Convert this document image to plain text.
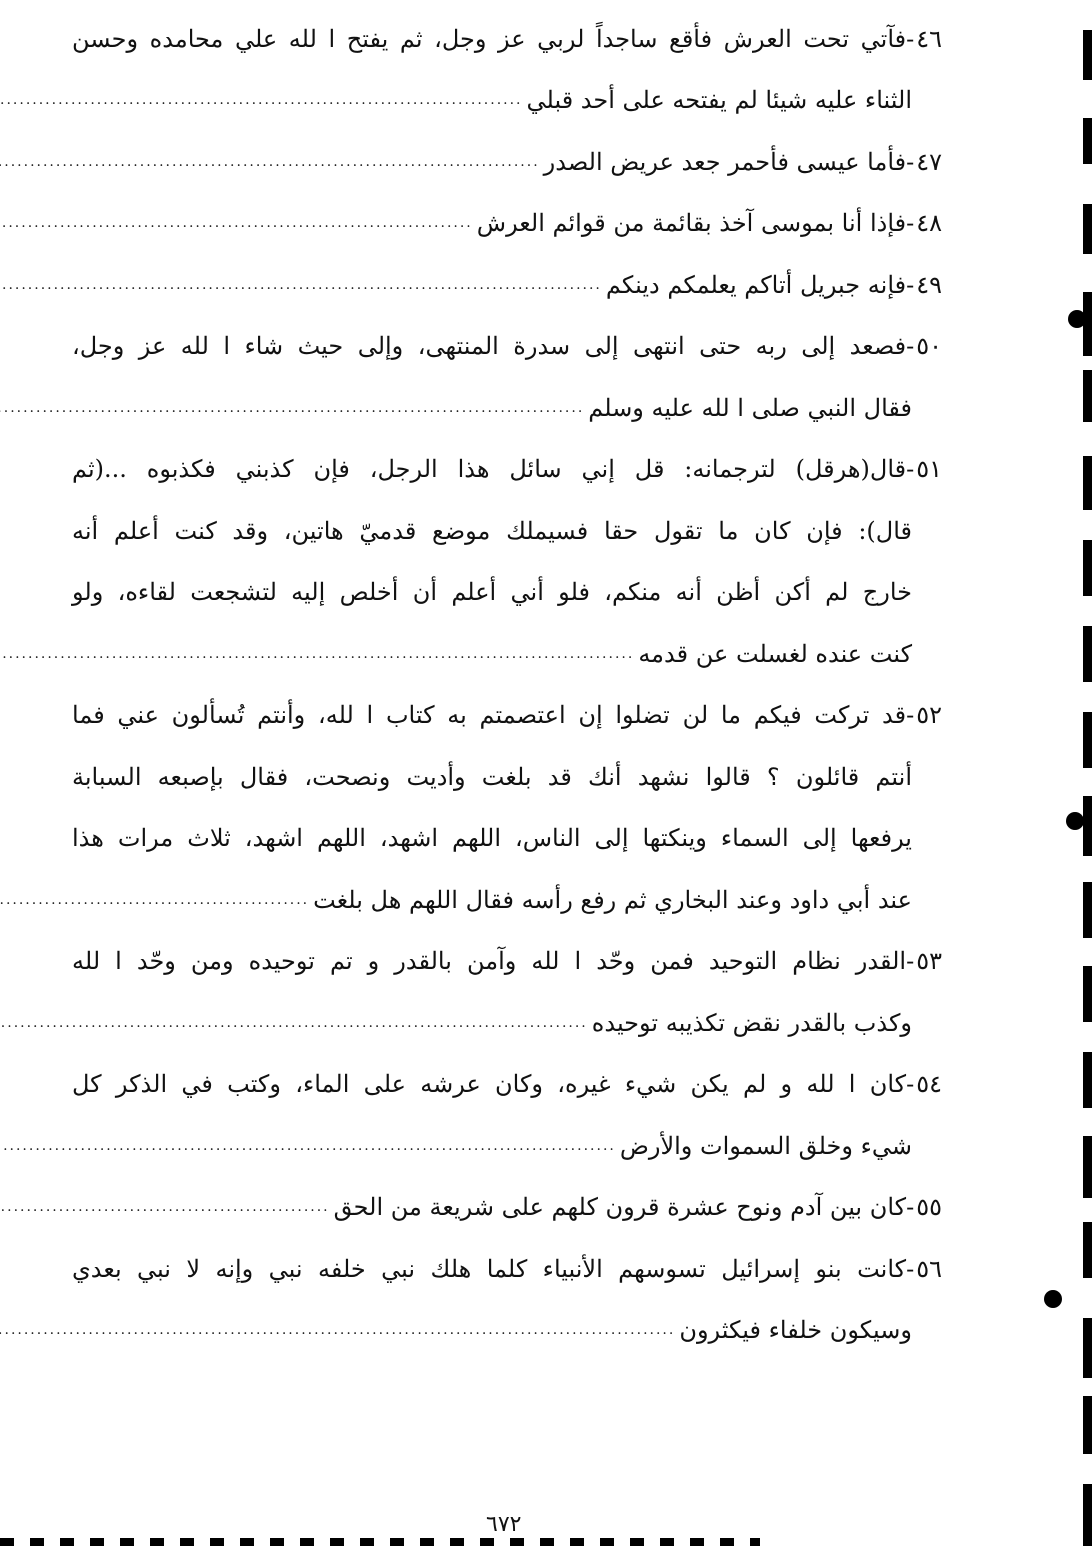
٤٦
-فآتي تحت العرش فأقع ساجداً لربي عز وجل، ثم يفتح ا لله علي محامده وحسن
الثناء عليه شيئا لم يفتحه على أحد قبلي
.....
٤٧
-فأما عيسى فأحمر جعد عريض الصدر
.....
٤٨
-فإذا أنا بموسى آخذ بقائمة من قوائم العرش
.....
٤٩
-فإنه جبريل أتاكم يعلمكم دينكم
.....
٥٠
-فصعد إلى ربه حتى انتهى إلى سدرة المنتهى، وإلى حيث شاء ا لله عز وجل،
فقال النبي صلى ا لله عليه وسلم
.....
٥١
-قال(هرقل) لترجمانه: قل إني سائل هذا الرجل، فإن كذبني فكذبوه ...(ثم
قال): فإن كان ما تقول حقا فسيملك موضع قدميّ هاتين، وقد كنت أعلم أنه
خارج لم أكن أظن أنه منكم، فلو أني أعلم أن أخلص إليه لتشجعت لقاءه، ولو
كنت عنده لغسلت عن قدمه
.....
٥٢
-قد تركت فيكم ما لن تضلوا إن اعتصمتم به كتاب ا لله، وأنتم تُسألون عني فما
أنتم قائلون ؟ قالوا نشهد أنك قد بلغت وأديت ونصحت، فقال بإصبعه السبابة
يرفعها إلى السماء وينكتها إلى الناس، اللهم اشهد، اللهم اشهد، ثلاث مرات هذا
عند أبي داود وعند البخاري ثم رفع رأسه فقال اللهم هل بلغت
.....
٥٣
-القدر نظام التوحيد فمن وحّد ا لله وآمن بالقدر و تم توحيده ومن وحّد ا لله
وكذب بالقدر نقض تكذيبه توحيده
.....
٥٤
-كان ا لله و لم يكن شيء غيره، وكان عرشه على الماء، وكتب في الذكر كل
شيء وخلق السموات والأرض
.....
٥٥
-كان بين آدم ونوح عشرة قرون كلهم على شريعة من الحق
.....
٥٦
-كانت بنو إسرائيل تسوسهم الأنبياء كلما هلك نبي خلفه نبي وإنه لا نبي بعدي
وسيكون خلفاء فيكثرون
.....
٦٧٢
